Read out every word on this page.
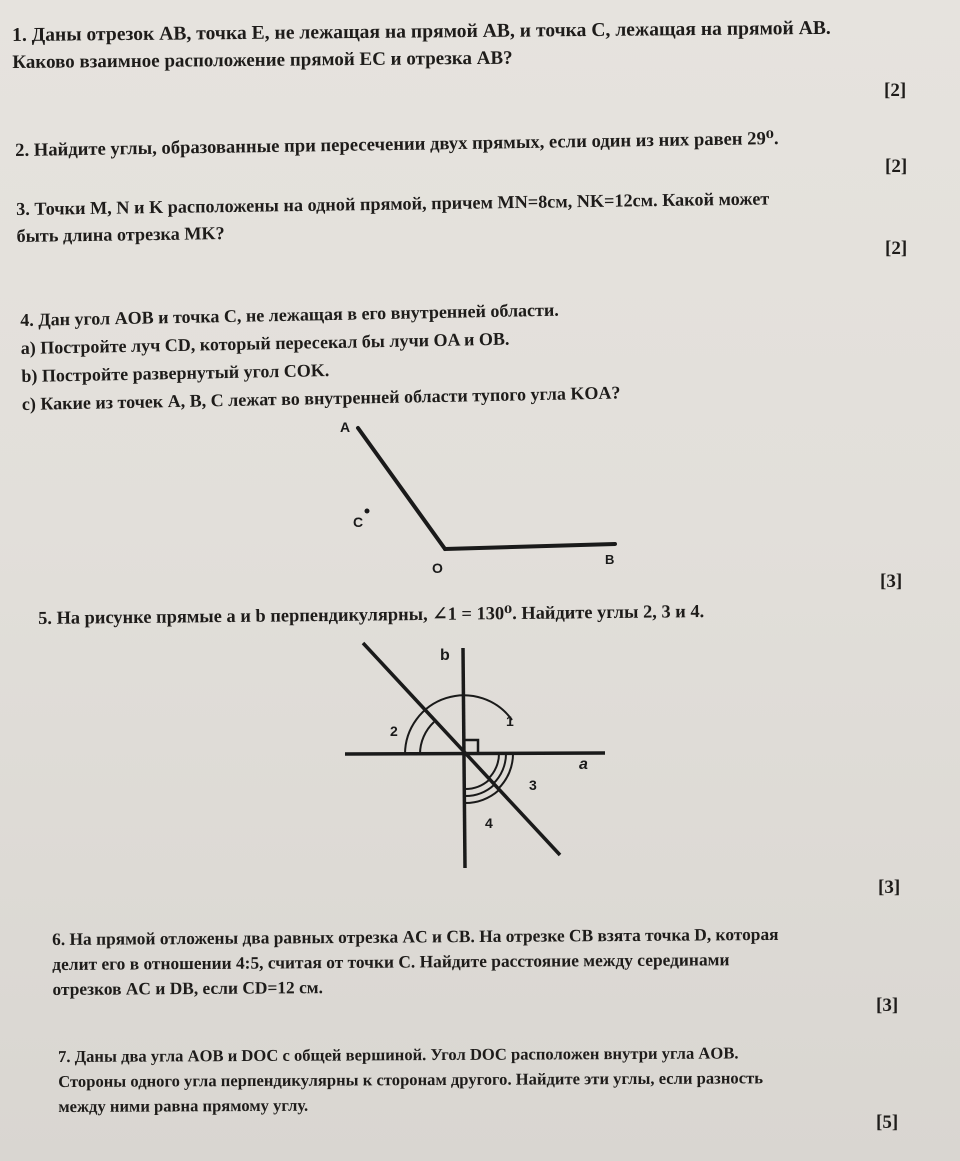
1. Даны отрезок AB, точка E, не лежащая на прямой AB, и точка C, лежащая на прямой AB.
Каково взаимное расположение прямой EC и отрезка AB?
[2]
2. Найдите углы, образованные при пересечении двух прямых, если один из них равен 29⁰.
[2]
3. Точки M, N и K расположены на одной прямой, причем MN=8см, NK=12см. Какой может
быть длина отрезка MK?
[2]
4. Дан угол AOB и точка C, не лежащая в его внутренней области.
a) Постройте луч CD, который пересекал бы лучи OA и OB.
b) Постройте развернутый угол COK.
c) Какие из точек A, B, C лежат во внутренней области тупого угла KOA?
A
C
O
B
[3]
5. На рисунке прямые a и b перпендикулярны, ∠1 = 130⁰. Найдите углы 2, 3 и 4.
b
a
1
2
3
4
[3]
6. На прямой отложены два равных отрезка AC и CB. На отрезке CB взята точка D, которая
делит его в отношении 4:5, считая от точки C. Найдите расстояние между серединами
отрезков AC и DB, если CD=12 см.
[3]
7. Даны два угла AOB и DOC с общей вершиной. Угол DOC расположен внутри угла AOB.
Стороны одного угла перпендикулярны к сторонам другого. Найдите эти углы, если разность
между ними равна прямому углу.
[5]
